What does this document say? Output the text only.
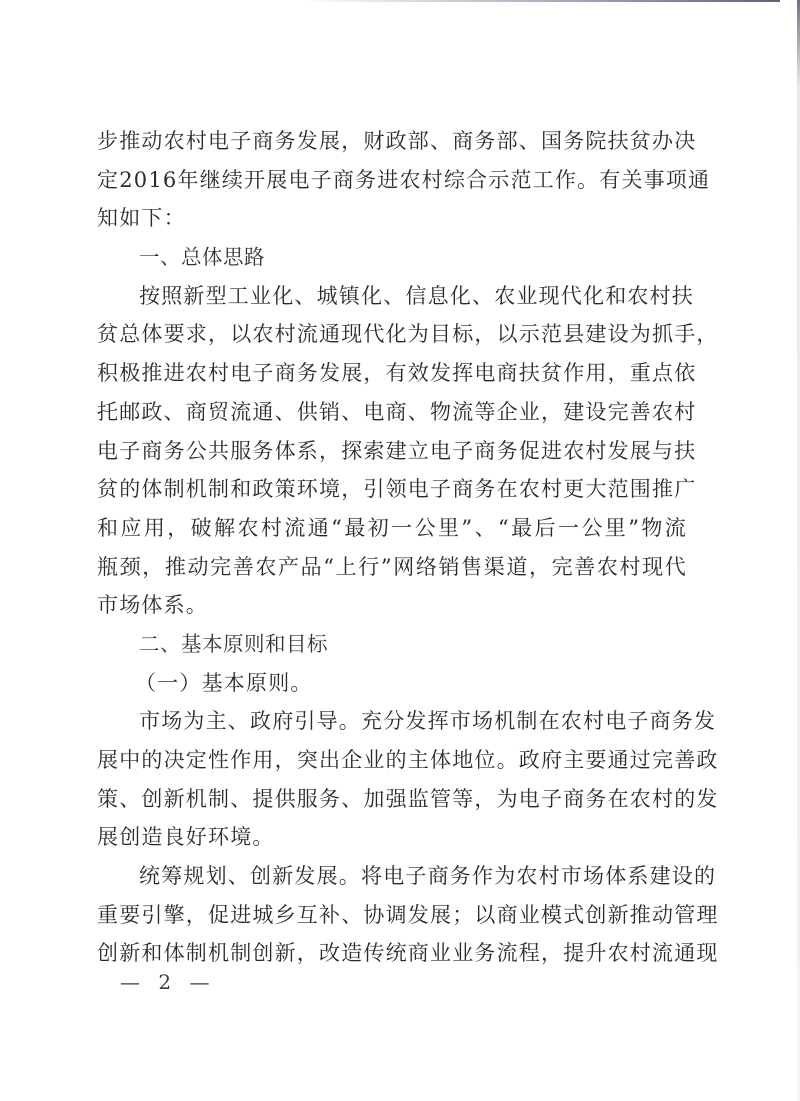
步推动农村电子商务发展，财政部、商务部、国务院扶贫办决
定2016年继续开展电子商务进农村综合示范工作。有关事项通
知如下：
一、总体思路
按照新型工业化、城镇化、信息化、农业现代化和农村扶
贫总体要求，以农村流通现代化为目标，以示范县建设为抓手，
积极推进农村电子商务发展，有效发挥电商扶贫作用，重点依
托邮政、商贸流通、供销、电商、物流等企业，建设完善农村
电子商务公共服务体系，探索建立电子商务促进农村发展与扶
贫的体制机制和政策环境，引领电子商务在农村更大范围推广
和应用，破解农村流通“最初一公里”、“最后一公里”物流
瓶颈，推动完善农产品“上行”网络销售渠道，完善农村现代
市场体系。
二、基本原则和目标
（一）基本原则。
市场为主、政府引导。充分发挥市场机制在农村电子商务发
展中的决定性作用，突出企业的主体地位。政府主要通过完善政
策、创新机制、提供服务、加强监管等，为电子商务在农村的发
展创造良好环境。
统筹规划、创新发展。将电子商务作为农村市场体系建设的
重要引擎，促进城乡互补、协调发展；以商业模式创新推动管理
创新和体制机制创新，改造传统商业业务流程，提升农村流通现
— 2 —
